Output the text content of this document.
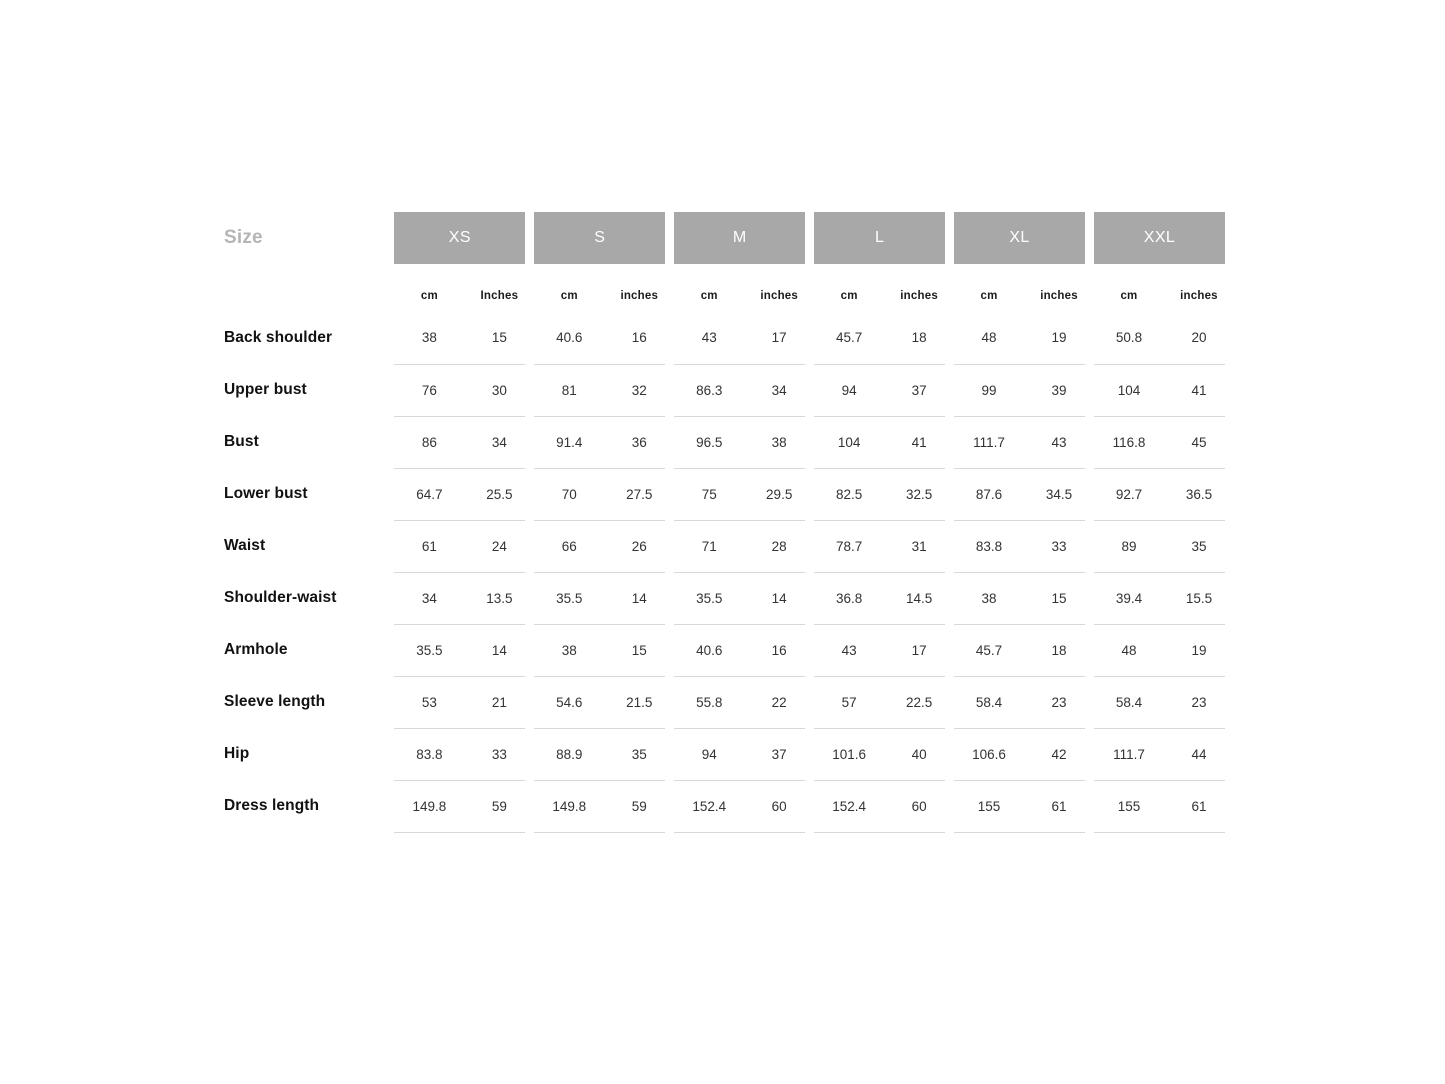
Size	XS		S		M		L		XL		XXL	

	cm	Inches	cm	inches	cm	inches	cm	inches	cm	inches	cm	inches
Back shoulder	38	15	40.6	16	43	17	45.7	18	48	19	50.8	20
Upper bust	76	30	81	32	86.3	34	94	37	99	39	104	41
Bust	86	34	91.4	36	96.5	38	104	41	111.7	43	116.8	45
Lower bust	64.7	25.5	70	27.5	75	29.5	82.5	32.5	87.6	34.5	92.7	36.5
Waist	61	24	66	26	71	28	78.7	31	83.8	33	89	35
Shoulder-waist	34	13.5	35.5	14	35.5	14	36.8	14.5	38	15	39.4	15.5
Armhole	35.5	14	38	15	40.6	16	43	17	45.7	18	48	19
Sleeve length	53	21	54.6	21.5	55.8	22	57	22.5	58.4	23	58.4	23
Hip	83.8	33	88.9	35	94	37	101.6	40	106.6	42	111.7	44
Dress length	149.8	59	149.8	59	152.4	60	152.4	60	155	61	155	61
